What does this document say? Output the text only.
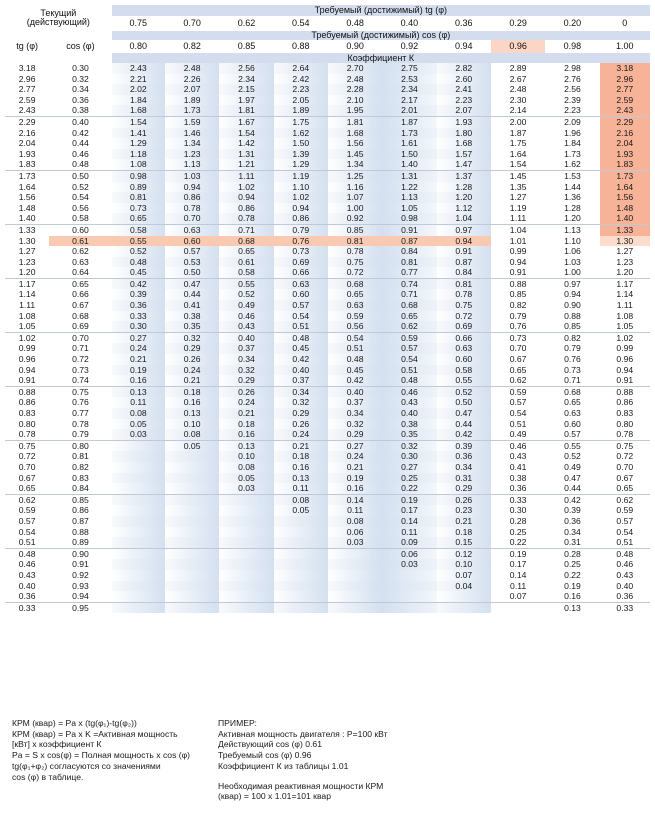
Текущий
(действующий)		Требуемый (достижимый) tg (φ)									
		0.75	0.70	0.62	0.54	0.48	0.40	0.36	0.29	0.20	0
		Требуемый (достижимый) cos (φ)									
tg (φ)	cos (φ)	0.80	0.82	0.85	0.88	0.90	0.92	0.94	0.96	0.98	1.00
		Коэффициент К									
3.18	0.30	2.43	2.48	2.56	2.64	2.70	2.75	2.82	2.89	2.98	3.18
2.96	0.32	2.21	2.26	2.34	2.42	2.48	2.53	2.60	2.67	2.76	2.96
2.77	0.34	2.02	2.07	2.15	2.23	2.28	2.34	2.41	2.48	2.56	2.77
2.59	0.36	1.84	1.89	1.97	2.05	2.10	2.17	2.23	2.30	2.39	2.59
2.43	0.38	1.68	1.73	1.81	1.89	1.95	2.01	2.07	2.14	2.23	2.43
2.29	0.40	1.54	1.59	1.67	1.75	1.81	1.87	1.93	2.00	2.09	2.29
2.16	0.42	1.41	1.46	1.54	1.62	1.68	1.73	1.80	1.87	1.96	2.16
2.04	0.44	1.29	1.34	1.42	1.50	1.56	1.61	1.68	1.75	1.84	2.04
1.93	0.46	1.18	1.23	1.31	1.39	1.45	1.50	1.57	1.64	1.73	1.93
1.83	0.48	1.08	1.13	1.21	1.29	1.34	1.40	1.47	1.54	1.62	1.83
1.73	0.50	0.98	1.03	1.11	1.19	1.25	1.31	1.37	1.45	1.53	1.73
1.64	0.52	0.89	0.94	1.02	1.10	1.16	1.22	1.28	1.35	1.44	1.64
1.56	0.54	0.81	0.86	0.94	1.02	1.07	1.13	1.20	1.27	1.36	1.56
1.48	0.56	0.73	0.78	0.86	0.94	1.00	1.05	1.12	1.19	1.28	1.48
1.40	0.58	0.65	0.70	0.78	0.86	0.92	0.98	1.04	1.11	1.20	1.40
1.33	0.60	0.58	0.63	0.71	0.79	0.85	0.91	0.97	1.04	1.13	1.33
1.30	0.61	0.55	0.60	0.68	0.76	0.81	0.87	0.94	1.01	1.10	1.30
1.27	0.62	0.52	0.57	0.65	0.73	0.78	0.84	0.91	0.99	1.06	1.27
1.23	0.63	0.48	0.53	0.61	0.69	0.75	0.81	0.87	0.94	1.03	1.23
1.20	0.64	0.45	0.50	0.58	0.66	0.72	0.77	0.84	0.91	1.00	1.20
1.17	0.65	0.42	0.47	0.55	0.63	0.68	0.74	0.81	0.88	0.97	1.17
1.14	0.66	0.39	0.44	0.52	0.60	0.65	0.71	0.78	0.85	0.94	1.14
1.11	0.67	0.36	0.41	0.49	0.57	0.63	0.68	0.75	0.82	0.90	1.11
1.08	0.68	0.33	0.38	0.46	0.54	0.59	0.65	0.72	0.79	0.88	1.08
1.05	0.69	0.30	0.35	0.43	0.51	0.56	0.62	0.69	0.76	0.85	1.05
1.02	0.70	0.27	0.32	0.40	0.48	0.54	0.59	0.66	0.73	0.82	1.02
0.99	0.71	0.24	0.29	0.37	0.45	0.51	0.57	0.63	0.70	0.79	0.99
0.96	0.72	0.21	0.26	0.34	0.42	0.48	0.54	0.60	0.67	0.76	0.96
0.94	0.73	0.19	0.24	0.32	0.40	0.45	0.51	0.58	0.65	0.73	0.94
0.91	0.74	0.16	0.21	0.29	0.37	0.42	0.48	0.55	0.62	0.71	0.91
0.88	0.75	0.13	0.18	0.26	0.34	0.40	0.46	0.52	0.59	0.68	0.88
0.86	0.76	0.11	0.16	0.24	0.32	0.37	0.43	0.50	0.57	0.65	0.86
0.83	0.77	0.08	0.13	0.21	0.29	0.34	0.40	0.47	0.54	0.63	0.83
0.80	0.78	0.05	0.10	0.18	0.26	0.32	0.38	0.44	0.51	0.60	0.80
0.78	0.79	0.03	0.08	0.16	0.24	0.29	0.35	0.42	0.49	0.57	0.78
0.75	0.80		0.05	0.13	0.21	0.27	0.32	0.39	0.46	0.55	0.75
0.72	0.81			0.10	0.18	0.24	0.30	0.36	0.43	0.52	0.72
0.70	0.82			0.08	0.16	0.21	0.27	0.34	0.41	0.49	0.70
0.67	0.83			0.05	0.13	0.19	0.25	0.31	0.38	0.47	0.67
0.65	0.84			0.03	0.11	0.16	0.22	0.29	0.36	0.44	0.65
0.62	0.85				0.08	0.14	0.19	0.26	0.33	0.42	0.62
0.59	0.86				0.05	0.11	0.17	0.23	0.30	0.39	0.59
0.57	0.87					0.08	0.14	0.21	0.28	0.36	0.57
0.54	0.88					0.06	0.11	0.18	0.25	0.34	0.54
0.51	0.89					0.03	0.09	0.15	0.22	0.31	0.51
0.48	0.90						0.06	0.12	0.19	0.28	0.48
0.46	0.91						0.03	0.10	0.17	0.25	0.46
0.43	0.92							0.07	0.14	0.22	0.43
0.40	0.93							0.04	0.11	0.19	0.40
0.36	0.94								0.07	0.16	0.36
0.33	0.95									0.13	0.33
КРМ (квар) = Pa x (tg(φ₁)-tg(φ₂))
КРМ (квар) = Pa x K =Активная мощность
[кВт] x коэффициент К
Pa = S x cos(φ) = Полная мощность x cos (φ)
tg(φ₁+φ₂) согласуются со значениями
cos (φ) в таблице.
ПРИМЕР:
Активная мощность двигателя : P=100 кВт
Действующий cos (φ) 0.61
Требуемый cos (φ) 0.96
Коэффициент К из таблицы 1.01
Необходимая реактивная мощности КРМ
(квар) = 100 x 1.01=101 квар
